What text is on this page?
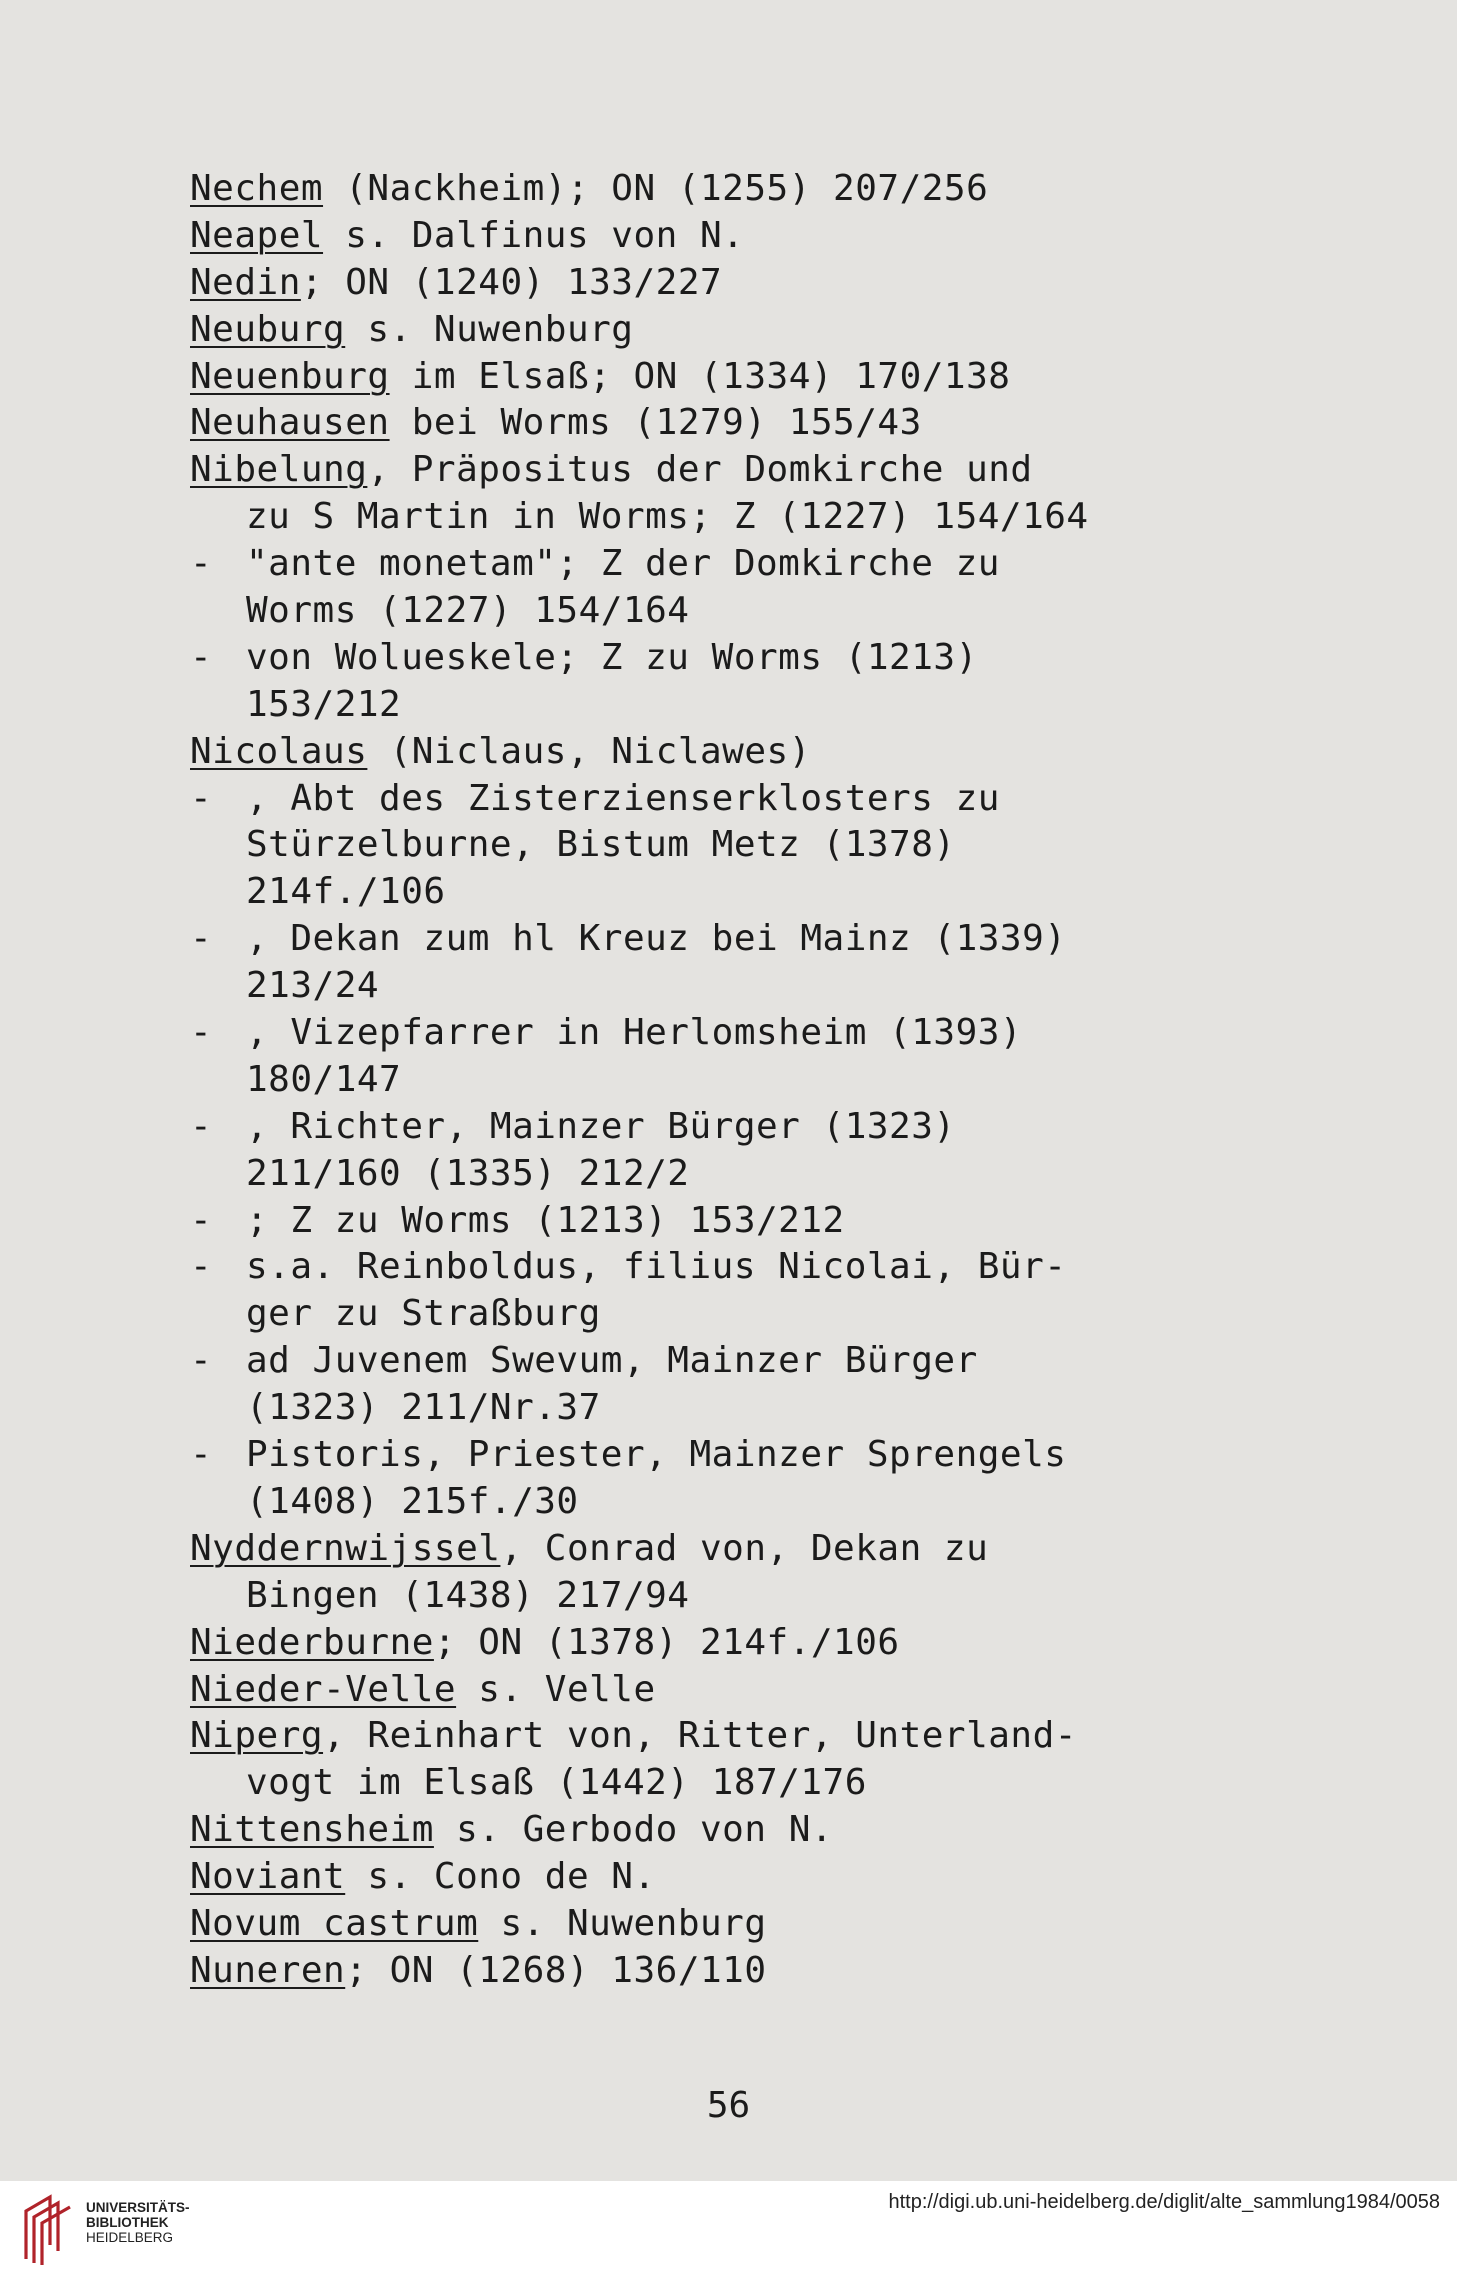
Nechem (Nackheim); ON (1255) 207/256
Neapel s. Dalfinus von N.
Nedin; ON (1240) 133/227
Neuburg s. Nuwenburg
Neuenburg im Elsaß; ON (1334) 170/138
Neuhausen bei Worms (1279) 155/43
Nibelung, Präpositus der Domkirche und
zu S Martin in Worms; Z (1227) 154/164
- "ante monetam"; Z der Domkirche zu
Worms (1227) 154/164
- von Wolueskele; Z zu Worms (1213)
153/212
Nicolaus (Niclaus, Niclawes)
- , Abt des Zisterzienserklosters zu
Stürzelburne, Bistum Metz (1378)
214f./106
- , Dekan zum hl Kreuz bei Mainz (1339)
213/24
- , Vizepfarrer in Herlomsheim (1393)
180/147
- , Richter, Mainzer Bürger (1323)
211/160 (1335) 212/2
- ; Z zu Worms (1213) 153/212
- s.a. Reinboldus, filius Nicolai, Bür-
ger zu Straßburg
- ad Juvenem Swevum, Mainzer Bürger
(1323) 211/Nr.37
- Pistoris, Priester, Mainzer Sprengels
(1408) 215f./30
Nyddernwijssel, Conrad von, Dekan zu
Bingen (1438) 217/94
Niederburne; ON (1378) 214f./106
Nieder-Velle s. Velle
Niperg, Reinhart von, Ritter, Unterland-
vogt im Elsaß (1442) 187/176
Nittensheim s. Gerbodo von N.
Noviant s. Cono de N.
Novum castrum s. Nuwenburg
Nuneren; ON (1268) 136/110
56
UNIVERSITÄTS-
BIBLIOTHEK
HEIDELBERG
http://digi.ub.uni-heidelberg.de/diglit/alte_sammlung1984/0058
